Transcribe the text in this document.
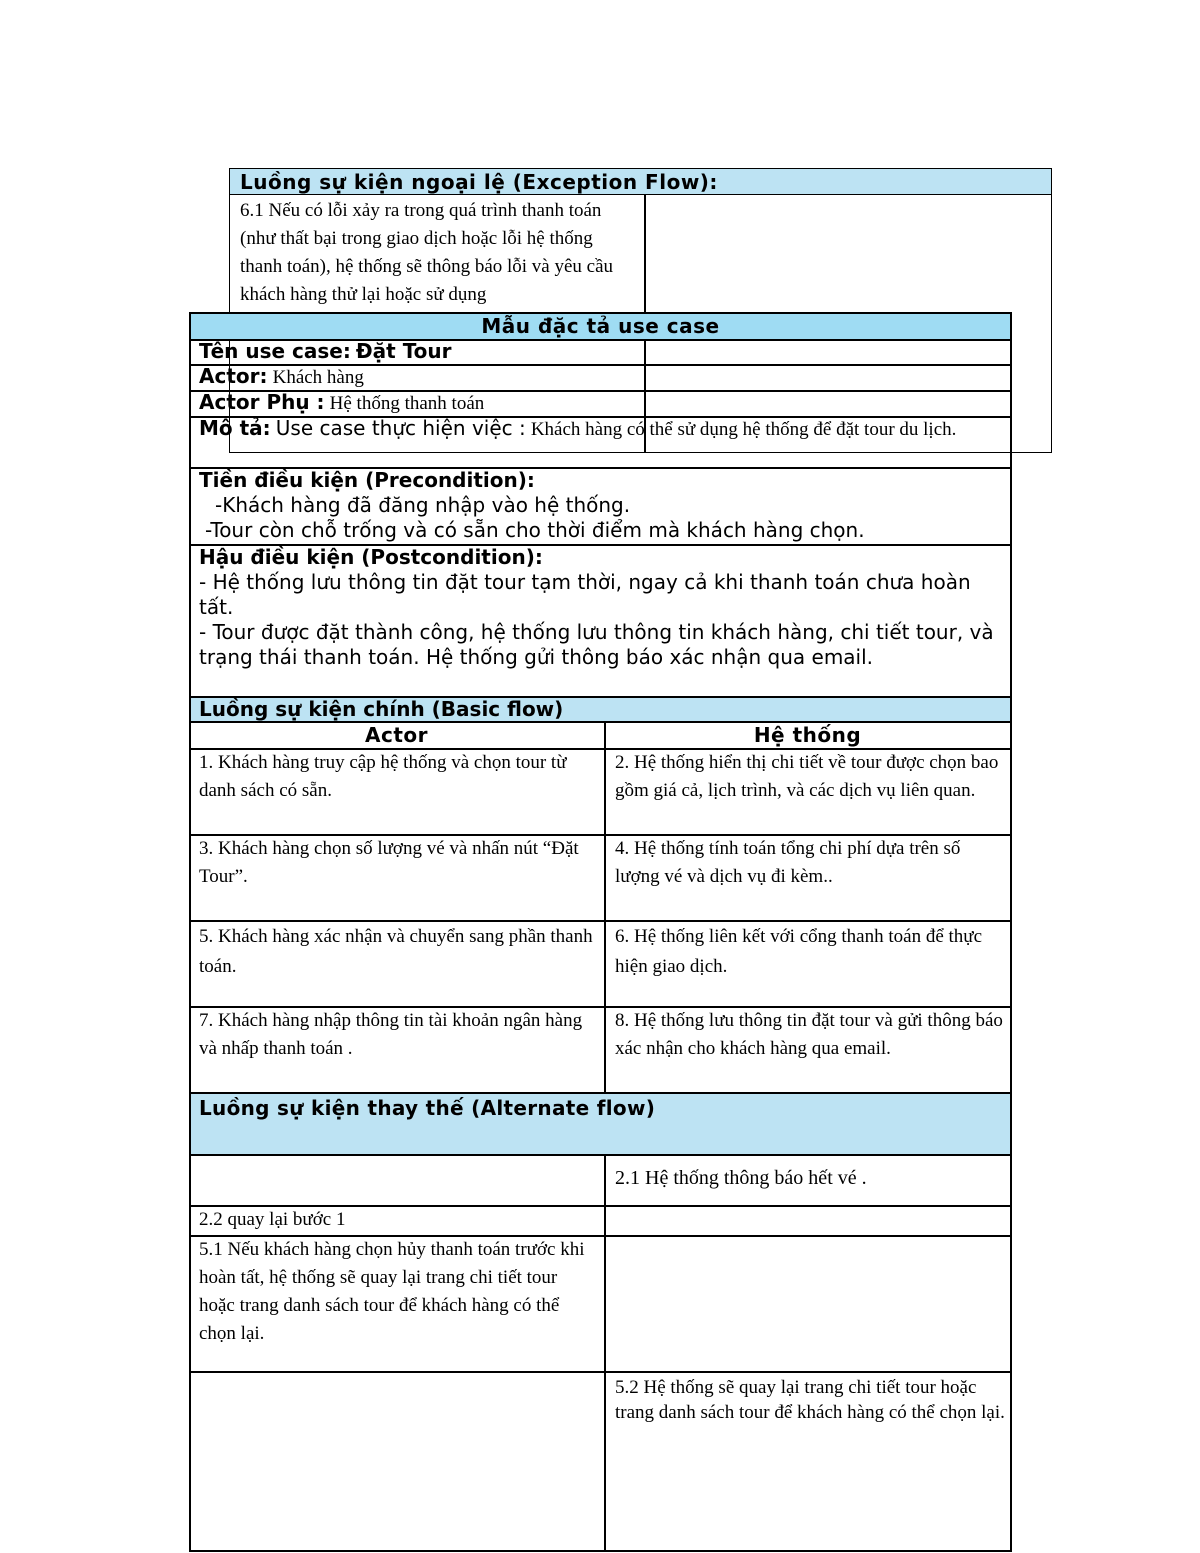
Luồng sự kiện ngoại lệ (Exception Flow):
6.1 Nếu có lỗi xảy ra trong quá trình thanh toán (như thất bại trong giao dịch hoặc lỗi hệ thống thanh toán), hệ thống sẽ thông báo lỗi và yêu cầu khách hàng thử lại hoặc sử dụng
Mẫu đặc tả use case
Tên use case: Đặt Tour
Actor: Khách hàng
Actor Phụ : Hệ thống thanh toán
Mô tả: Use case thực hiện việc : Khách hàng có thể sử dụng hệ thống để đặt tour du lịch.
Tiền điều kiện (Precondition):
-Khách hàng đã đăng nhập vào hệ thống.
-Tour còn chỗ trống và có sẵn cho thời điểm mà khách hàng chọn.
Hậu điều kiện (Postcondition):
- Hệ thống lưu thông tin đặt tour tạm thời, ngay cả khi thanh toán chưa hoàn tất.
- Tour được đặt thành công, hệ thống lưu thông tin khách hàng, chi tiết tour, và trạng thái thanh toán. Hệ thống gửi thông báo xác nhận qua email.
Luồng sự kiện chính (Basic flow)
Actor	Hệ thống
1. Khách hàng truy cập hệ thống và chọn tour từ danh sách có sẵn.
2. Hệ thống hiển thị chi tiết về tour được chọn bao gồm giá cả, lịch trình, và các dịch vụ liên quan.
3. Khách hàng chọn số lượng vé và nhấn nút “Đặt Tour”.
4. Hệ thống tính toán tổng chi phí dựa trên số lượng vé và dịch vụ đi kèm..
5. Khách hàng xác nhận và chuyển sang phần thanh toán.
6. Hệ thống liên kết với cổng thanh toán để thực hiện giao dịch.
7. Khách hàng nhập thông tin tài khoản ngân hàng và nhấp thanh toán .
8. Hệ thống lưu thông tin đặt tour và gửi thông báo xác nhận cho khách hàng qua email.
Luồng sự kiện thay thế (Alternate flow)
2.1 Hệ thống thông báo hết vé .
2.2 quay lại bước 1
5.1 Nếu khách hàng chọn hủy thanh toán trước khi hoàn tất, hệ thống sẽ quay lại trang chi tiết tour hoặc trang danh sách tour để khách hàng có thể chọn lại.
5.2 Hệ thống sẽ quay lại trang chi tiết tour hoặc trang danh sách tour để khách hàng có thể chọn lại.
